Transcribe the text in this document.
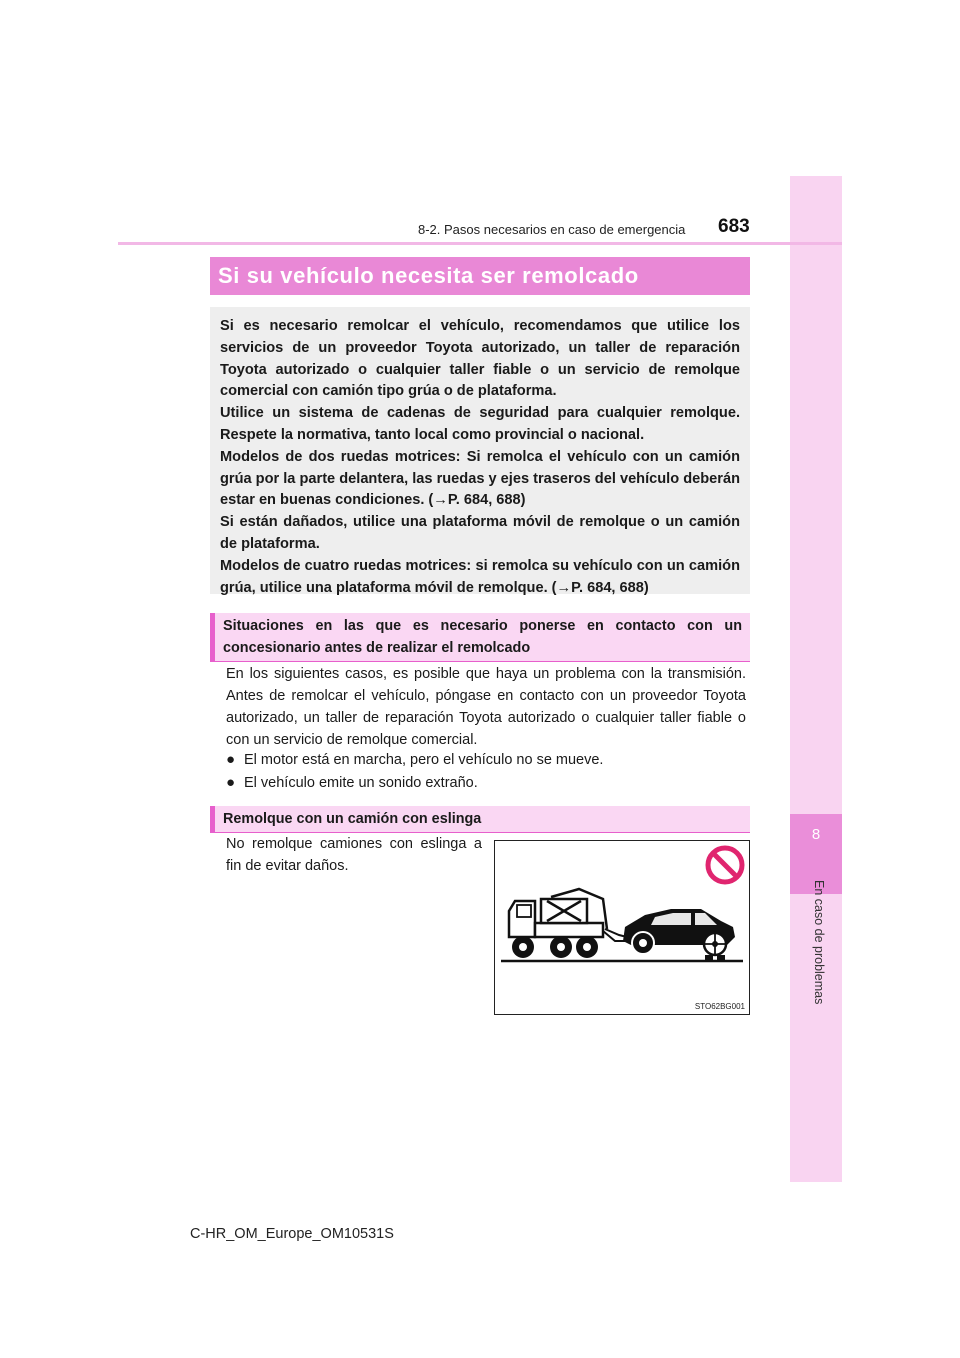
8
En caso de problemas
8-2. Pasos necesarios en caso de emergencia 683
Si su vehículo necesita ser remolcado

Si es necesario remolcar el vehículo, recomendamos que utilice los servicios de un proveedor Toyota autorizado, un taller de reparación Toyota autorizado o cualquier taller fiable o un servicio de remolque comercial con camión tipo grúa o de plataforma.

Utilice un sistema de cadenas de seguridad para cualquier remolque. Respete la normativa, tanto local como provincial o nacional.

Modelos de dos ruedas motrices: Si remolca el vehículo con un camión grúa por la parte delantera, las ruedas y ejes traseros del vehículo deberán estar en buenas condiciones. (→P. 684, 688)

Si están dañados, utilice una plataforma móvil de remolque o un camión de plataforma.

Modelos de cuatro ruedas motrices: si remolca su vehículo con un camión grúa, utilice una plataforma móvil de remolque. (→P. 684, 688)

Situaciones en las que es necesario ponerse en contacto con un concesionario antes de realizar el remolcado
En los siguientes casos, es posible que haya un problema con la transmisión. Antes de remolcar el vehículo, póngase en contacto con un proveedor Toyota autorizado, un taller de reparación Toyota autorizado o cualquier taller fiable o con un servicio de remolque comercial.
● El motor está en marcha, pero el vehículo no se mueve.
● El vehículo emite un sonido extraño.
Remolque con un camión con eslinga
No remolque camiones con eslinga a fin de evitar daños.
STO62BG001
C-HR_OM_Europe_OM10531S
